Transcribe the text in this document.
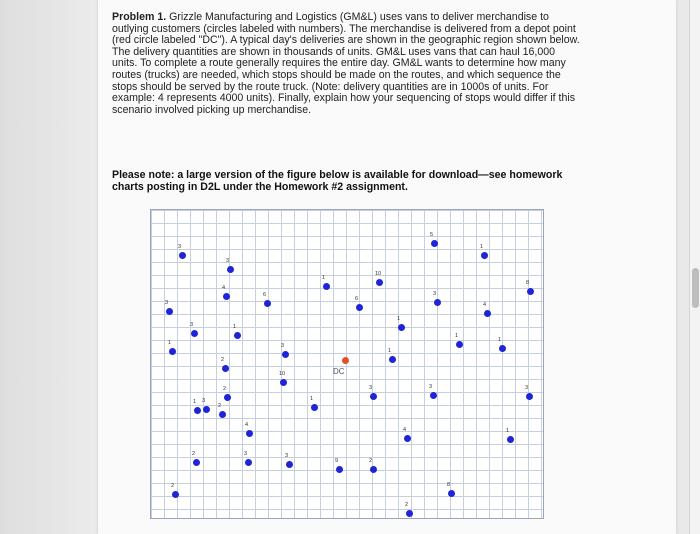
Problem 1. Grizzle Manufacturing and Logistics (GM&L) uses vans to deliver merchandise to outlying customers (circles labeled with numbers). The merchandise is delivered from a depot point (red circle labeled "DC"). A typical day's deliveries are shown in the geographic region shown below. The delivery quantities are shown in thousands of units. GM&L uses vans that can haul 16,000 units. To complete a route generally requires the entire day. GM&L wants to determine how many routes (trucks) are needed, which stops should be made on the routes, and which sequence the stops should be served by the route truck. (Note: delivery quantities are in 1000s of units. For example: 4 represents 4000 units). Finally, explain how your sequencing of stops would differ if this scenario involved picking up merchandise.
Please note: a large version of the figure below is available for download—see homework charts posting in D2L under the Homework #2 assignment.
DC
3
3
5
1
1
10
4
6
6
3
8
3
3	1
1
4
1
1
1	3
2
1
2
10
3
1
3
3	3
1
4
4
1
2	3	3
9	2
8
2
2
2
